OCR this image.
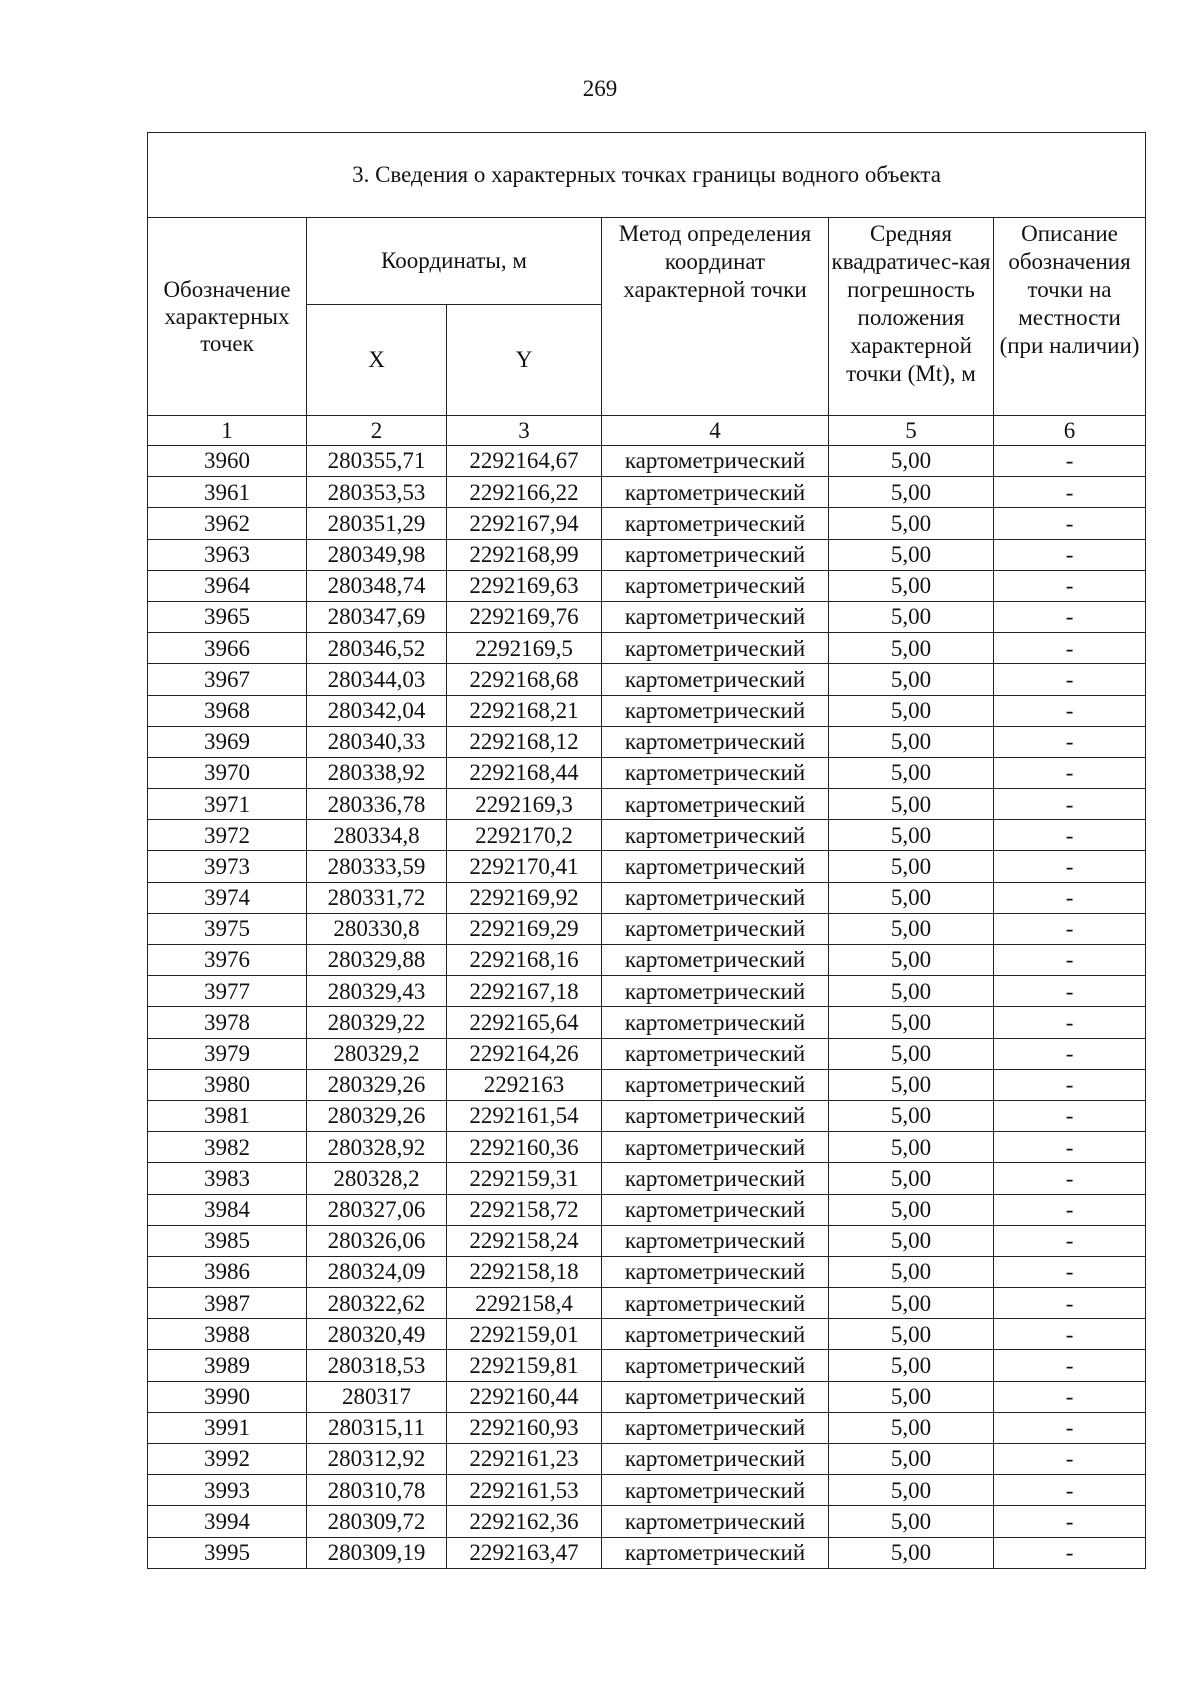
269
3. Сведения о характерных точках границы водного объекта					
Обозначение характерных точек	Координаты, м		Метод определения координат характерной точки	Средняя квадратичес-кая погрешность положения характерной точки (Mt), м	Описание обозначения точки на местности (при наличии)
	X	Y			
1	2	3	4	5	6
3960	280355,71	2292164,67	картометрический	5,00	-
3961	280353,53	2292166,22	картометрический	5,00	-
3962	280351,29	2292167,94	картометрический	5,00	-
3963	280349,98	2292168,99	картометрический	5,00	-
3964	280348,74	2292169,63	картометрический	5,00	-
3965	280347,69	2292169,76	картометрический	5,00	-
3966	280346,52	2292169,5	картометрический	5,00	-
3967	280344,03	2292168,68	картометрический	5,00	-
3968	280342,04	2292168,21	картометрический	5,00	-
3969	280340,33	2292168,12	картометрический	5,00	-
3970	280338,92	2292168,44	картометрический	5,00	-
3971	280336,78	2292169,3	картометрический	5,00	-
3972	280334,8	2292170,2	картометрический	5,00	-
3973	280333,59	2292170,41	картометрический	5,00	-
3974	280331,72	2292169,92	картометрический	5,00	-
3975	280330,8	2292169,29	картометрический	5,00	-
3976	280329,88	2292168,16	картометрический	5,00	-
3977	280329,43	2292167,18	картометрический	5,00	-
3978	280329,22	2292165,64	картометрический	5,00	-
3979	280329,2	2292164,26	картометрический	5,00	-
3980	280329,26	2292163	картометрический	5,00	-
3981	280329,26	2292161,54	картометрический	5,00	-
3982	280328,92	2292160,36	картометрический	5,00	-
3983	280328,2	2292159,31	картометрический	5,00	-
3984	280327,06	2292158,72	картометрический	5,00	-
3985	280326,06	2292158,24	картометрический	5,00	-
3986	280324,09	2292158,18	картометрический	5,00	-
3987	280322,62	2292158,4	картометрический	5,00	-
3988	280320,49	2292159,01	картометрический	5,00	-
3989	280318,53	2292159,81	картометрический	5,00	-
3990	280317	2292160,44	картометрический	5,00	-
3991	280315,11	2292160,93	картометрический	5,00	-
3992	280312,92	2292161,23	картометрический	5,00	-
3993	280310,78	2292161,53	картометрический	5,00	-
3994	280309,72	2292162,36	картометрический	5,00	-
3995	280309,19	2292163,47	картометрический	5,00	-
